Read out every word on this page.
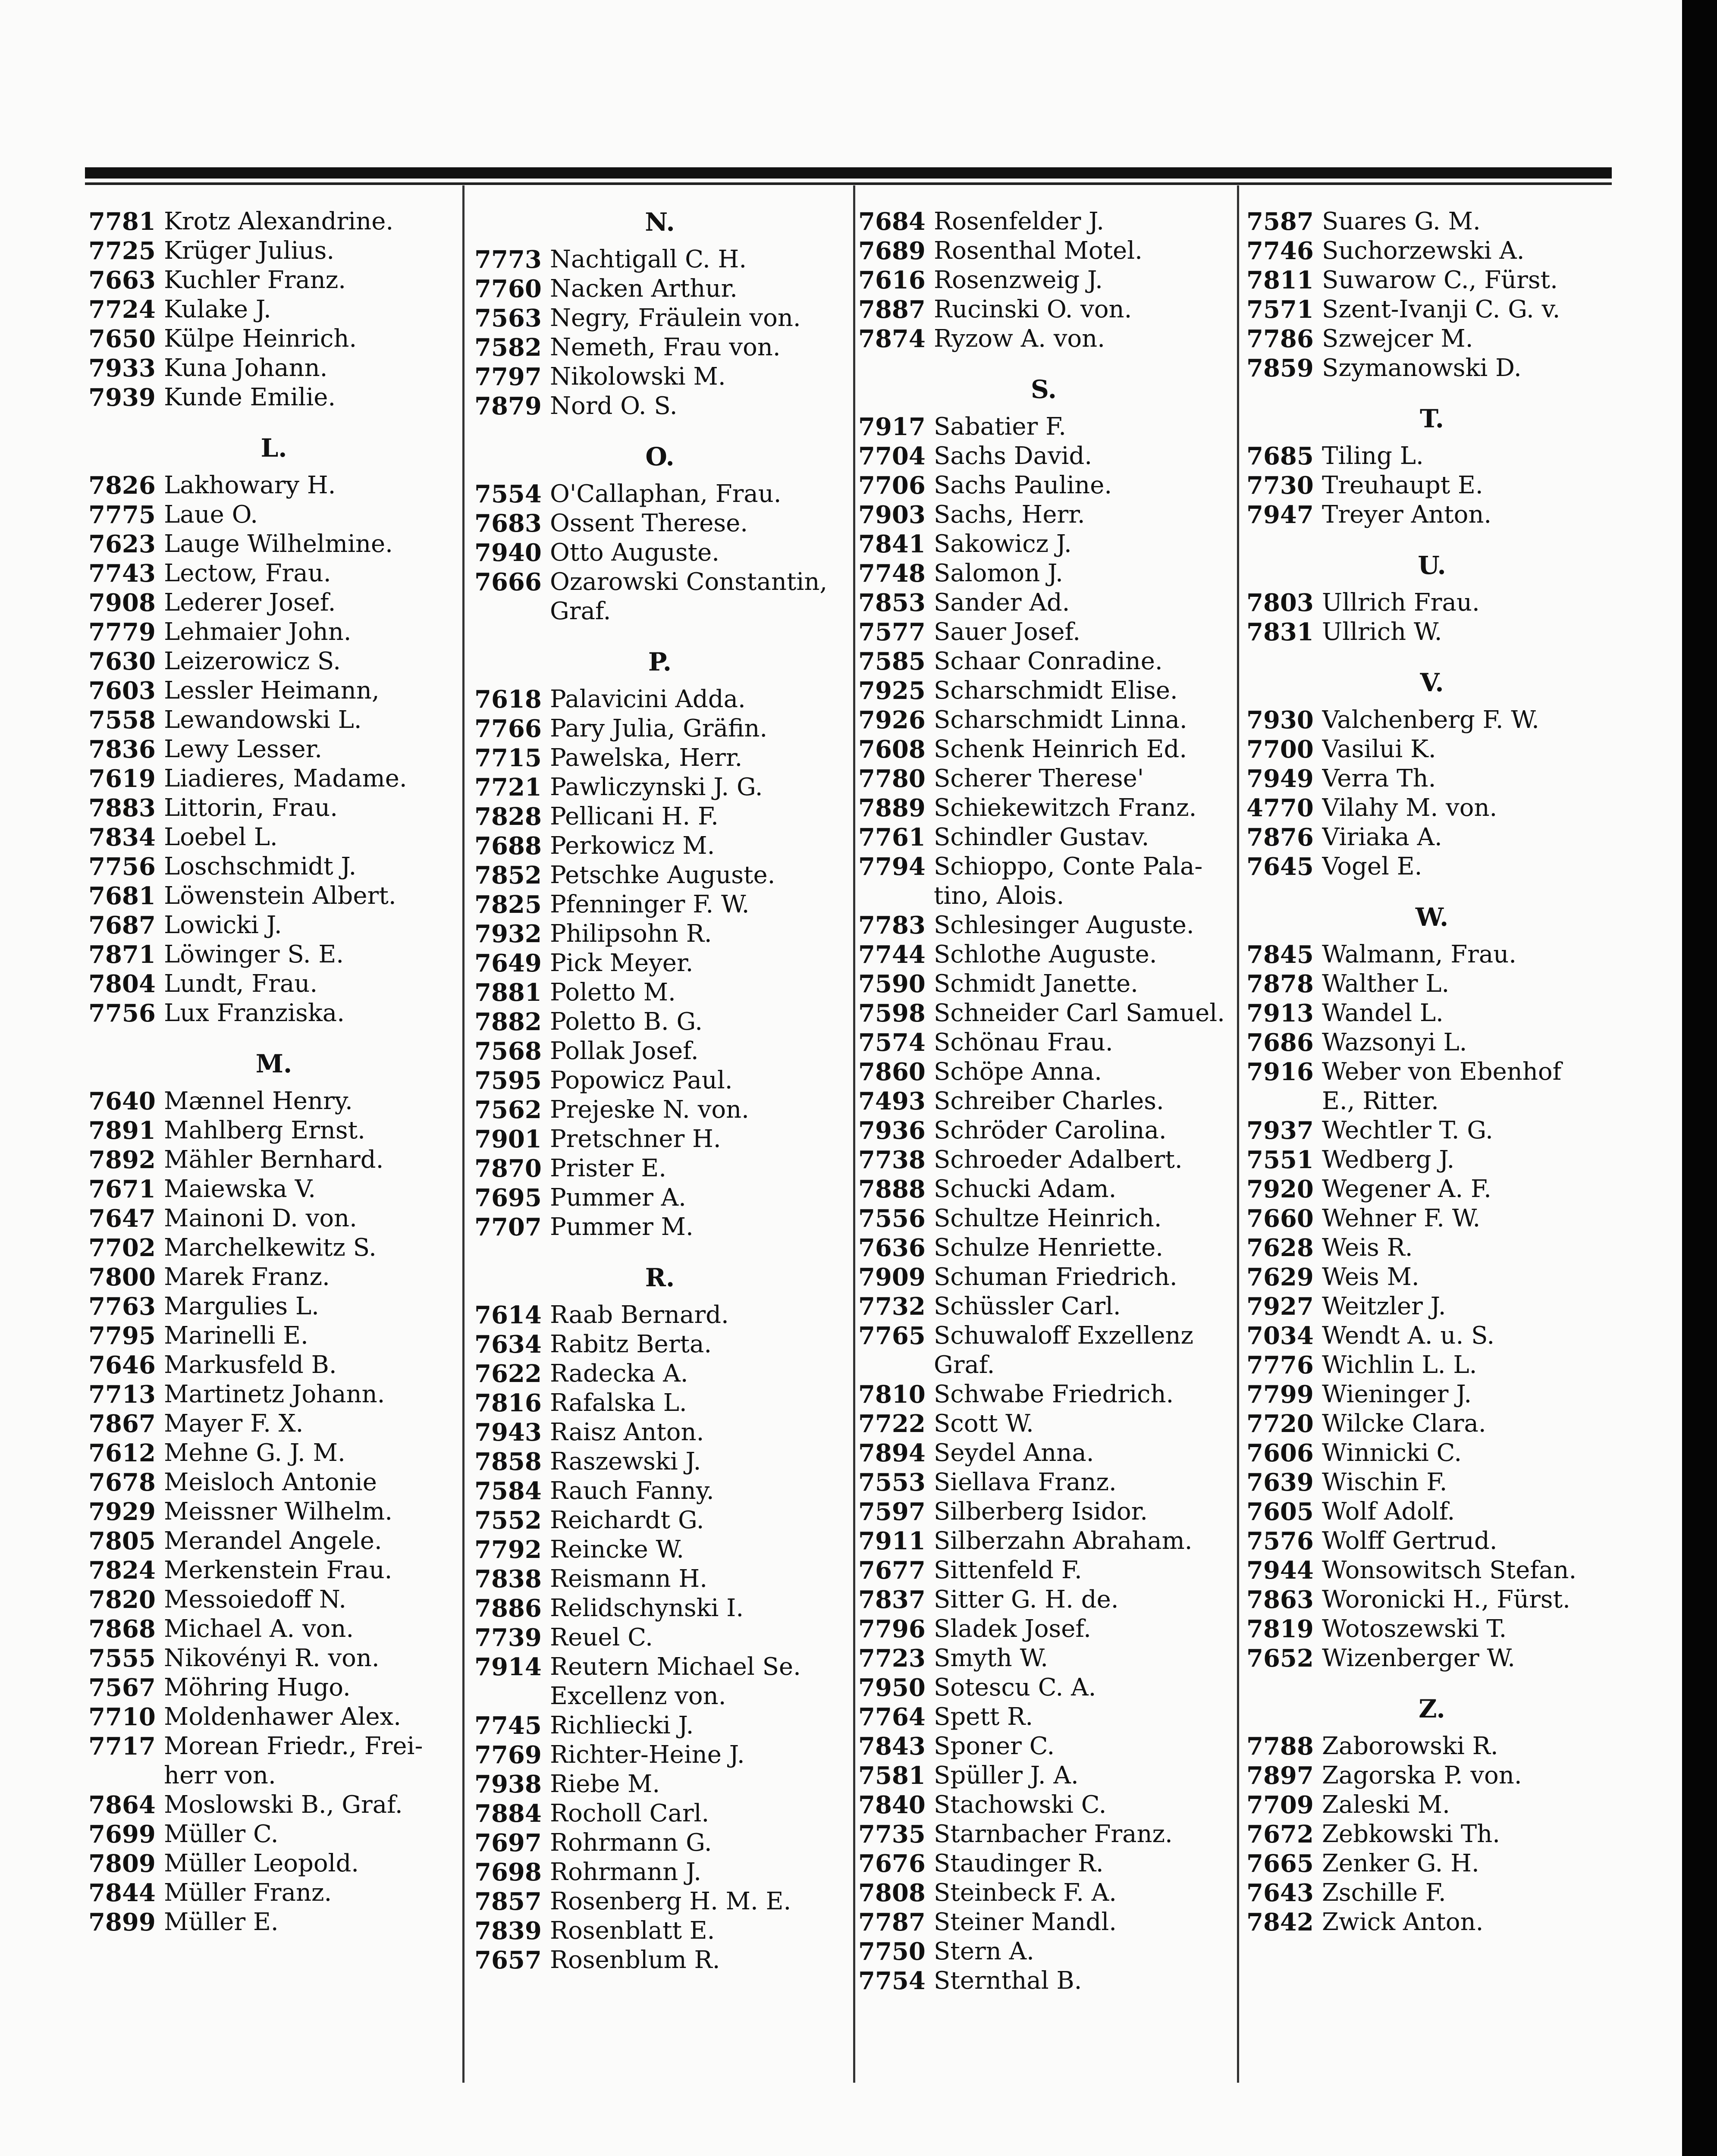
7781 Krotz Alexandrine.
7725 Krüger Julius.
7663 Kuchler Franz.
7724 Kulake J.
7650 Külpe Heinrich.
7933 Kuna Johann.
7939 Kunde Emilie.
L.
7826 Lakhowary H.
7775 Laue O.
7623 Lauge Wilhelmine.
7743 Lectow, Frau.
7908 Lederer Josef.
7779 Lehmaier John.
7630 Leizerowicz S.
7603 Lessler Heimann,
7558 Lewandowski L.
7836 Lewy Lesser.
7619 Liadieres, Madame.
7883 Littorin, Frau.
7834 Loebel L.
7756 Loschschmidt J.
7681 Löwenstein Albert.
7687 Lowicki J.
7871 Löwinger S. E.
7804 Lundt, Frau.
7756 Lux Franziska.
M.
7640 Mænnel Henry.
7891 Mahlberg Ernst.
7892 Mähler Bernhard.
7671 Maiewska V.
7647 Mainoni D. von.
7702 Marchelkewitz S.
7800 Marek Franz.
7763 Margulies L.
7795 Marinelli E.
7646 Markusfeld B.
7713 Martinetz Johann.
7867 Mayer F. X.
7612 Mehne G. J. M.
7678 Meisloch Antonie
7929 Meissner Wilhelm.
7805 Merandel Angele.
7824 Merkenstein Frau.
7820 Messoiedoff N.
7868 Michael A. von.
7555 Nikovényi R. von.
7567 Möhring Hugo.
7710 Moldenhawer Alex.
7717 Morean Friedr., Frei-
herr von.
7864 Moslowski B., Graf.
7699 Müller C.
7809 Müller Leopold.
7844 Müller Franz.
7899 Müller E.
N.
7773 Nachtigall C. H.
7760 Nacken Arthur.
7563 Negry, Fräulein von.
7582 Nemeth, Frau von.
7797 Nikolowski M.
7879 Nord O. S.
O.
7554 O'Callaphan, Frau.
7683 Ossent Therese.
7940 Otto Auguste.
7666 Ozarowski Constantin,
Graf.
P.
7618 Palavicini Adda.
7766 Pary Julia, Gräfin.
7715 Pawelska, Herr.
7721 Pawliczynski J. G.
7828 Pellicani H. F.
7688 Perkowicz M.
7852 Petschke Auguste.
7825 Pfenninger F. W.
7932 Philipsohn R.
7649 Pick Meyer.
7881 Poletto M.
7882 Poletto B. G.
7568 Pollak Josef.
7595 Popowicz Paul.
7562 Prejeske N. von.
7901 Pretschner H.
7870 Prister E.
7695 Pummer A.
7707 Pummer M.
R.
7614 Raab Bernard.
7634 Rabitz Berta.
7622 Radecka A.
7816 Rafalska L.
7943 Raisz Anton.
7858 Raszewski J.
7584 Rauch Fanny.
7552 Reichardt G.
7792 Reincke W.
7838 Reismann H.
7886 Relidschynski I.
7739 Reuel C.
7914 Reutern Michael Se.
Excellenz von.
7745 Richliecki J.
7769 Richter-Heine J.
7938 Riebe M.
7884 Rocholl Carl.
7697 Rohrmann G.
7698 Rohrmann J.
7857 Rosenberg H. M. E.
7839 Rosenblatt E.
7657 Rosenblum R.
7684 Rosenfelder J.
7689 Rosenthal Motel.
7616 Rosenzweig J.
7887 Rucinski O. von.
7874 Ryzow A. von.
S.
7917 Sabatier F.
7704 Sachs David.
7706 Sachs Pauline.
7903 Sachs, Herr.
7841 Sakowicz J.
7748 Salomon J.
7853 Sander Ad.
7577 Sauer Josef.
7585 Schaar Conradine.
7925 Scharschmidt Elise.
7926 Scharschmidt Linna.
7608 Schenk Heinrich Ed.
7780 Scherer Therese'
7889 Schiekewitzch Franz.
7761 Schindler Gustav.
7794 Schioppo, Conte Pala-
tino, Alois.
7783 Schlesinger Auguste.
7744 Schlothe Auguste.
7590 Schmidt Janette.
7598 Schneider Carl Samuel.
7574 Schönau Frau.
7860 Schöpe Anna.
7493 Schreiber Charles.
7936 Schröder Carolina.
7738 Schroeder Adalbert.
7888 Schucki Adam.
7556 Schultze Heinrich.
7636 Schulze Henriette.
7909 Schuman Friedrich.
7732 Schüssler Carl.
7765 Schuwaloff Exzellenz
Graf.
7810 Schwabe Friedrich.
7722 Scott W.
7894 Seydel Anna.
7553 Siellava Franz.
7597 Silberberg Isidor.
7911 Silberzahn Abraham.
7677 Sittenfeld F.
7837 Sitter G. H. de.
7796 Sladek Josef.
7723 Smyth W.
7950 Sotescu C. A.
7764 Spett R.
7843 Sponer C.
7581 Spüller J. A.
7840 Stachowski C.
7735 Starnbacher Franz.
7676 Staudinger R.
7808 Steinbeck F. A.
7787 Steiner Mandl.
7750 Stern A.
7754 Sternthal B.
7587 Suares G. M.
7746 Suchorzewski A.
7811 Suwarow C., Fürst.
7571 Szent-Ivanji C. G. v.
7786 Szwejcer M.
7859 Szymanowski D.
T.
7685 Tiling L.
7730 Treuhaupt E.
7947 Treyer Anton.
U.
7803 Ullrich Frau.
7831 Ullrich W.
V.
7930 Valchenberg F. W.
7700 Vasilui K.
7949 Verra Th.
4770 Vilahy M. von.
7876 Viriaka A.
7645 Vogel E.
W.
7845 Walmann, Frau.
7878 Walther L.
7913 Wandel L.
7686 Wazsonyi L.
7916 Weber von Ebenhof
E., Ritter.
7937 Wechtler T. G.
7551 Wedberg J.
7920 Wegener A. F.
7660 Wehner F. W.
7628 Weis R.
7629 Weis M.
7927 Weitzler J.
7034 Wendt A. u. S.
7776 Wichlin L. L.
7799 Wieninger J.
7720 Wilcke Clara.
7606 Winnicki C.
7639 Wischin F.
7605 Wolf Adolf.
7576 Wolff Gertrud.
7944 Wonsowitsch Stefan.
7863 Woronicki H., Fürst.
7819 Wotoszewski T.
7652 Wizenberger W.
Z.
7788 Zaborowski R.
7897 Zagorska P. von.
7709 Zaleski M.
7672 Zebkowski Th.
7665 Zenker G. H.
7643 Zschille F.
7842 Zwick Anton.
